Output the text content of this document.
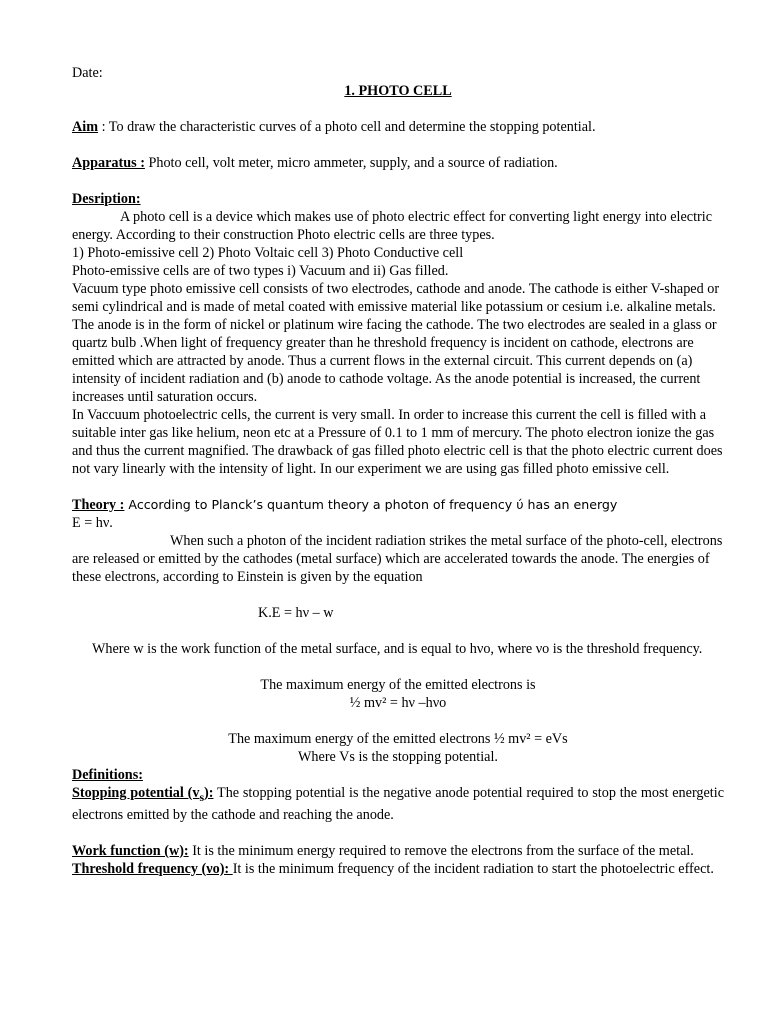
Date:

1. PHOTO CELL

Aim : To draw the characteristic curves of a photo cell and determine the stopping potential.

Apparatus : Photo cell, volt meter, micro ammeter, supply, and a source of radiation.

Desription:

A photo cell is a device which makes use of photo electric effect for converting light energy into electric energy. According to their construction Photo electric cells are three types.

1) Photo-emissive cell 2) Photo Voltaic cell 3) Photo Conductive cell

Photo-emissive cells are of two types i) Vacuum and ii) Gas filled.

Vacuum type photo emissive cell consists of two electrodes, cathode and anode. The cathode is either V-shaped or semi cylindrical and is made of metal coated with emissive material like potassium or cesium i.e. alkaline metals. The anode is in the form of nickel or platinum wire facing the cathode. The two electrodes are sealed in a glass or quartz bulb .When light of frequency greater than he threshold frequency is incident on cathode, electrons are emitted which are attracted by anode. Thus a current flows in the external circuit. This current depends on (a) intensity of incident radiation and (b) anode to cathode voltage. As the anode potential is increased, the current increases until saturation occurs.

In Vaccuum photoelectric cells, the current is very small. In order to increase this current the cell is filled with a suitable inter gas like helium, neon etc at a Pressure of 0.1 to 1 mm of mercury. The photo electron ionize the gas and thus the current magnified. The drawback of gas filled photo electric cell is that the photo electric current does not vary linearly with the intensity of light. In our experiment we are using gas filled photo emissive cell.

Theory : According to Planck’s quantum theory a photon of frequency ύ has an energy

E = hν.

When such a photon of the incident radiation strikes the metal surface of the photo-cell, electrons are released or emitted by the cathodes (metal surface) which are accelerated towards the anode. The energies of these electrons, according to Einstein is given by the equation

K.E = hν – w

Where w is the work function of the metal surface, and is equal to hνo, where νo is the threshold frequency.

The maximum energy of the emitted electrons is

½ mv² = hν –hνo

The maximum energy of the emitted electrons ½ mv² = eVs

Where Vs is the stopping potential.

Definitions:

Stopping potential $(v_s)$: The stopping potential is the negative anode potential required to stop the most energetic electrons emitted by the cathode and reaching the anode.

Work function (w): It is the minimum energy required to remove the electrons from the surface of the metal.

Threshold frequency (νo): It is the minimum frequency of the incident radiation to start the photoelectric effect.
